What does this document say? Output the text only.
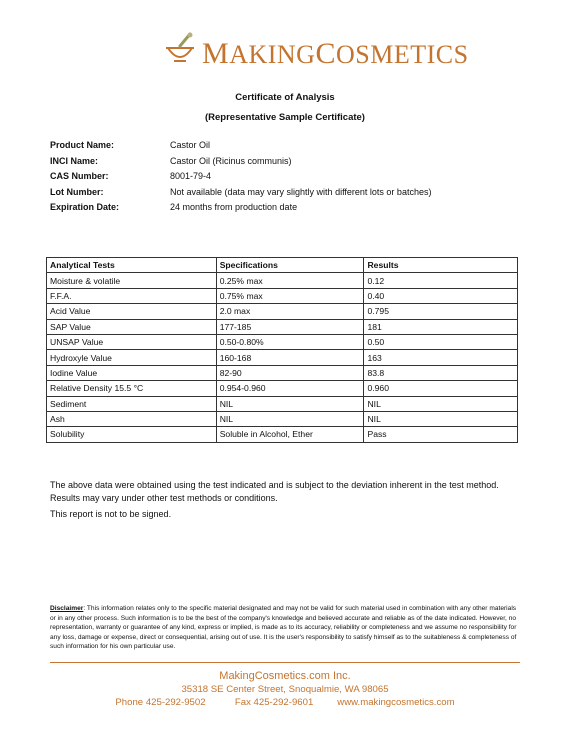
MAKINGCOSMETICS
Certificate of Analysis
(Representative Sample Certificate)
Product Name:	Castor Oil
INCI Name:	Castor Oil (Ricinus communis)
CAS Number:	8001-79-4
Lot Number:	Not available (data may vary slightly with different lots or batches)
Expiration Date:	24 months from production date
Analytical Tests	Specifications	Results
Moisture & volatile	0.25% max	0.12
F.F.A.	0.75% max	0.40
Acid Value	2.0 max	0.795
SAP Value	177-185	181
UNSAP Value	0.50-0.80%	0.50
Hydroxyle Value	160-168	163
Iodine Value	82-90	83.8
Relative Density 15.5 °C	0.954-0.960	0.960
Sediment	NIL	NIL
Ash	NIL	NIL
Solubility	Soluble in Alcohol, Ether	Pass
The above data were obtained using the test indicated and is subject to the deviation inherent in the test method. Results may vary under other test methods or conditions.
This report is not to be signed.
Disclaimer: This information relates only to the specific material designated and may not be valid for such material used in combination with any other materials or in any other process. Such information is to be the best of the company's knowledge and believed accurate and reliable as of the date indicated. However, no representation, warranty or guarantee of any kind, express or implied, is made as to its accuracy, reliability or completeness and we assume no responsibility for any loss, damage or expense, direct or consequential, arising out of use. It is the user's responsibility to satisfy himself as to the suitableness & completeness of such information for his own particular use.
MakingCosmetics.com Inc.
35318 SE Center Street, Snoqualmie, WA 98065
Phone 425-292-9502	Fax 425-292-9601	www.makingcosmetics.com
